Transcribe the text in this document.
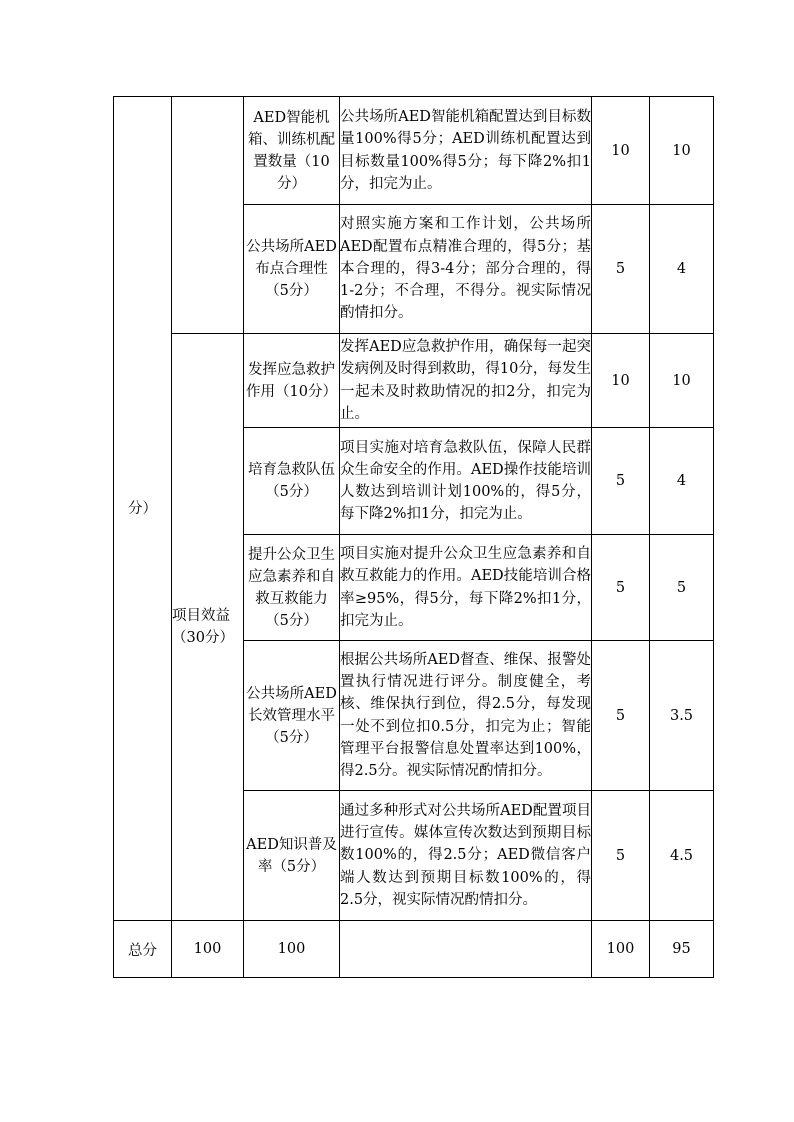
分）		AED智能机箱、训练机配置数量（10分）	公共场所AED智能机箱配置达到目标数量100%得5分；AED训练机配置达到目标数量100%得5分；每下降2%扣1分，扣完为止。	10	10
		公共场所AED布点合理性（5分）	对照实施方案和工作计划，公共场所AED配置布点精准合理的，得5分；基本合理的，得3-4分；部分合理的，得1-2分；不合理，不得分。视实际情况酌情扣分。	5	4
	项目效益（30分）	发挥应急救护作用（10分）	发挥AED应急救护作用，确保每一起突发病例及时得到救助，得10分，每发生一起未及时救助情况的扣2分，扣完为止。	10	10
		培育急救队伍（5分）	项目实施对培育急救队伍，保障人民群众生命安全的作用。AED操作技能培训人数达到培训计划100%的，得5分，每下降2%扣1分，扣完为止。	5	4
		提升公众卫生应急素养和自救互救能力（5分）	项目实施对提升公众卫生应急素养和自救互救能力的作用。AED技能培训合格率≥95%，得5分，每下降2%扣1分，扣完为止。	5	5
		公共场所AED长效管理水平（5分）	根据公共场所AED督查、维保、报警处置执行情况进行评分。制度健全，考核、维保执行到位，得2.5分，每发现一处不到位扣0.5分，扣完为止；智能管理平台报警信息处置率达到100%，得2.5分。视实际情况酌情扣分。	5	3.5
		AED知识普及率（5分）	通过多种形式对公共场所AED配置项目进行宣传。媒体宣传次数达到预期目标数100%的，得2.5分；AED微信客户端人数达到预期目标数100%的，得2.5分，视实际情况酌情扣分。	5	4.5
总分	100	100		100	95
